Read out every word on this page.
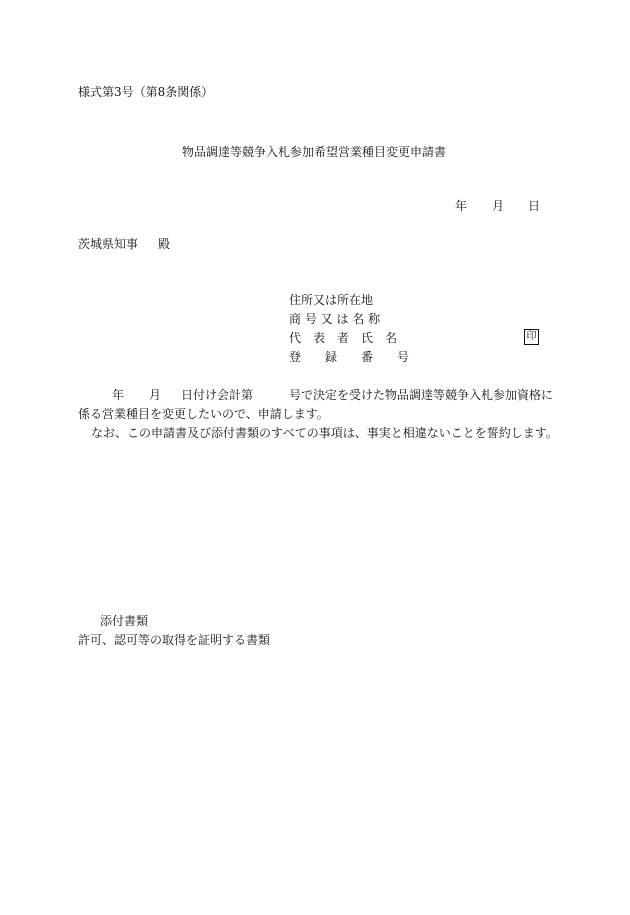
様式第3号（第8条関係）
物品調達等競争入札参加希望営業種目変更申請書
年 月 日
茨城県知事 殿
住所又は所在地
商 号 又 は 名 称
代　表　者　氏　名	印
登　　録　　番　　号
年 月 日付け会計第	号で決定を受けた物品調達等競争入札参加資格に
係る営業種目を変更したいので、申請します。
なお、この申請書及び添付書類のすべての事項は、事実と相違ないことを誓約します。
添付書類
許可、認可等の取得を証明する書類
